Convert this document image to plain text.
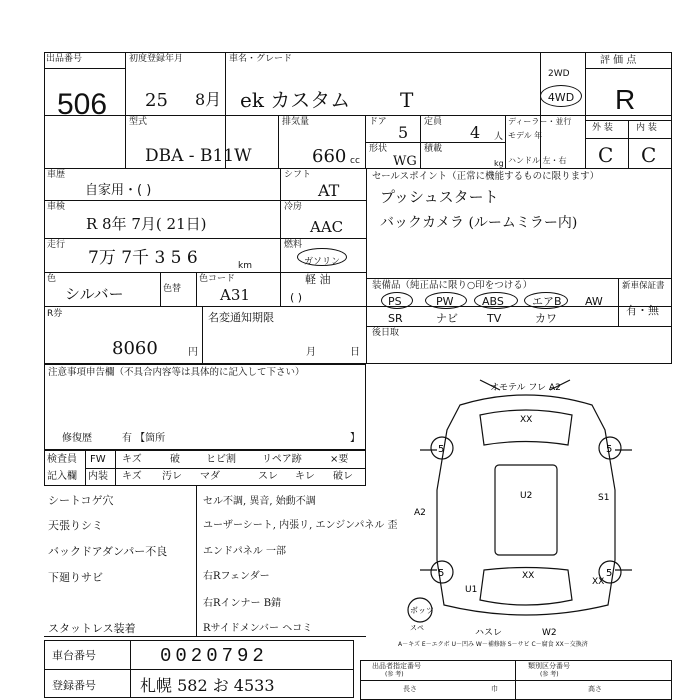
出品番号
506
初度登録年月
25 8月
車名・グレード
ek カスタム T
2WD
4WD
評 価 点
R
型式
DBA - B11W
排気量
660 cc
ドア
5
定員
4 人
形状
WG
積載
kg
ディーラー・並行
モデル 年
ハンドル 左・右
外 装	内 装
C C
車歴
自家用・( )
シフト
AT
車検
R 8年 7月( 21日)
冷房
AAC
走行
7万 7千 3 5 6	km
燃料
ガソリン
軽 油
( )
色
シルバー	色替
色コード
A31
セールスポイント（正常に機能するものに限ります）
プッシュスタート
バックカメラ (ルームミラー内)
装備品（純正品に限り○印をつける）	新車保証書
有・無
PS	PW	ABS	エアB AW
SR	ナビ	TV	カワ
後日取
R券
8060	円
名変通知期限
月	日
注意事項申告欄（不具合内容等は具体的に記入して下さい）
修復歴	有 【箇所	】
検査員
記入欄
FW キズ	破	ヒビ割	リペア跡	×要
内装 キズ 汚レ マダ	スレ キレ 破レ
シートコゲ穴
天張りシミ
バックドアダンパー不良
下廻りサビ
スタットレス装着
セル不調, 異音, 始動不調
ユーザーシート, 内張リ, エンジンパネル 歪
エンドパネル 一部
右Rフェンダー
右Rインナー B錆
Rサイドメンバー ヘコミ
オモテル フレ A2
XX
U2	S1
A2
XX
U1
XX
ハスレ	W2
5	5
5	5
ボッツ
スペ
A－キズ E－エクボ U－凹み W－補修跡 S－サビ C－腐食 XX－交換済
車台番号	0020792
登録番号	札幌 582 お 4533
出品者指定番号
(参 考)
類別区分番号
(参 考)
長さ	巾	高さ
